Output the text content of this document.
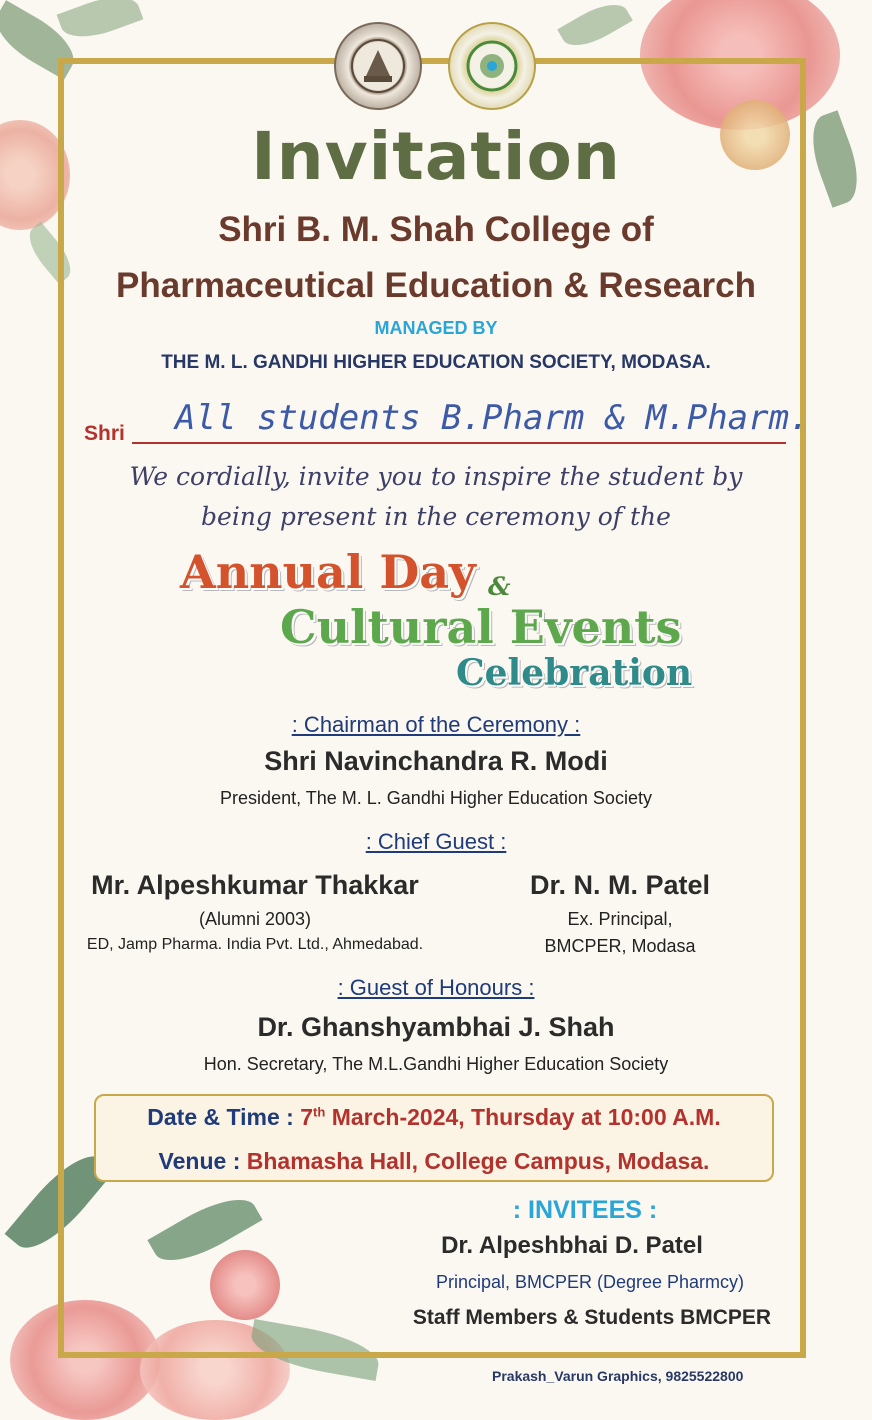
Invitation
Shri B. M. Shah College of
Pharmaceutical Education & Research
MANAGED BY
THE M. L. GANDHI HIGHER EDUCATION SOCIETY, MODASA.
Shri All students B.Pharm & M.Pharm.
We cordially, invite you to inspire the student by
being present in the ceremony of the
Annual Day &
Cultural Events
Celebration
: Chairman of the Ceremony :
Shri Navinchandra R. Modi
President, The M. L. Gandhi Higher Education Society
: Chief Guest :
Mr. Alpeshkumar Thakkar
(Alumni 2003)
ED, Jamp Pharma. India Pvt. Ltd., Ahmedabad.
Dr. N. M. Patel
Ex. Principal,
BMCPER, Modasa
: Guest of Honours :
Dr. Ghanshyambhai J. Shah
Hon. Secretary, The M.L.Gandhi Higher Education Society
Date & Time : 7th March-2024, Thursday at 10:00 A.M.
Venue : Bhamasha Hall, College Campus, Modasa.
: INVITEES :
Dr. Alpeshbhai D. Patel
Principal, BMCPER (Degree Pharmcy)
Staff Members & Students BMCPER
Prakash_Varun Graphics, 9825522800
